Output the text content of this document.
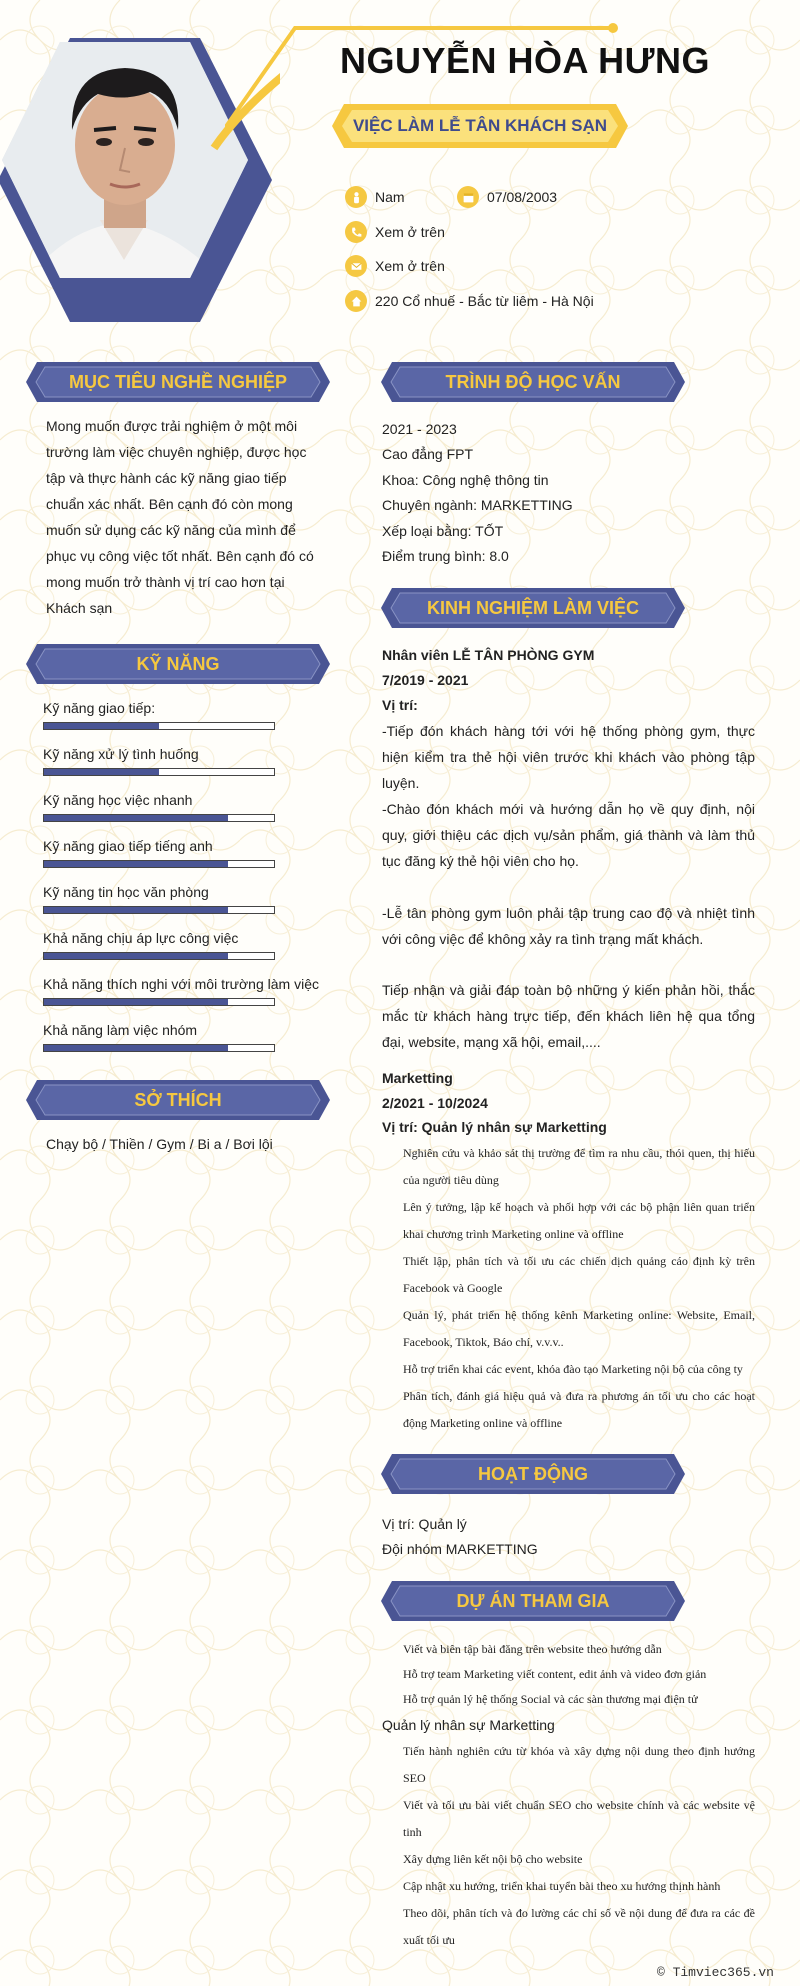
NGUYỄN HÒA HƯNG
VIỆC LÀM LỄ TÂN KHÁCH SẠN
Nam	07/08/2003
Xem ở trên
Xem ở trên
220 Cổ nhuế - Bắc từ liêm - Hà Nội
MỤC TIÊU NGHỀ NGHIỆP
KỸ NĂNG
SỞ THÍCH
TRÌNH ĐỘ HỌC VẤN
KINH NGHIỆM LÀM VIỆC
HOẠT ĐỘNG
DỰ ÁN THAM GIA
Mong muốn được trải nghiệm ở một môi
trường làm việc chuyên nghiệp, được học
tập và thực hành các kỹ năng giao tiếp
chuẩn xác nhất. Bên cạnh đó còn mong
muốn sử dụng các kỹ năng của mình để
phục vụ công việc tốt nhất. Bên cạnh đó có
mong muốn trở thành vị trí cao hơn tại
Khách sạn
Kỹ năng giao tiếp:
Kỹ năng xử lý tình huống
Kỹ năng học việc nhanh
Kỹ năng giao tiếp tiếng anh
Kỹ năng tin học văn phòng
Khả năng chịu áp lực công việc
Khả năng thích nghi với môi trường làm việc
Khả năng làm việc nhóm
Chạy bộ / Thiền / Gym / Bi a / Bơi lội
2021 - 2023
Cao đẳng FPT
Khoa: Công nghệ thông tin
Chuyên ngành: MARKETTING
Xếp loại bằng: TỐT
Điểm trung bình: 8.0
Nhân viên LỄ TÂN PHÒNG GYM
7/2019 - 2021
Vị trí:
-Tiếp đón khách hàng tới với hệ thống phòng gym, thực hiện kiểm tra thẻ hội viên trước khi khách vào phòng tập luyện.
-Chào đón khách mới và hướng dẫn họ về quy định, nội quy, giới thiệu các dịch vụ/sản phẩm, giá thành và làm thủ tục đăng ký thẻ hội viên cho họ.
-Lễ tân phòng gym luôn phải tập trung cao độ và nhiệt tình với công việc để không xảy ra tình trạng mất khách.
Tiếp nhận và giải đáp toàn bộ những ý kiến phản hồi, thắc mắc từ khách hàng trực tiếp, đến khách liên hệ qua tổng đại, website, mạng xã hội, email,....
Marketting
2/2021 - 10/2024
Vị trí: Quản lý nhân sự Marketting
Nghiên cứu và khảo sát thị trường để tìm ra nhu cầu, thói quen, thị hiếu của người tiêu dùng
Lên ý tưởng, lập kế hoạch và phối hợp với các bộ phận liên quan triển khai chương trình Marketing online và offline
Thiết lập, phân tích và tối ưu các chiến dịch quảng cáo định kỳ trên Facebook và Google
Quản lý, phát triển hệ thống kênh Marketing online: Website, Email, Facebook, Tiktok, Báo chí, v.v.v..
Hỗ trợ triển khai các event, khóa đào tạo Marketing nội bộ của công ty
Phân tích, đánh giá hiệu quả và đưa ra phương án tối ưu cho các hoạt động Marketing online và offline
Vị trí: Quản lý
Đội nhóm MARKETTING
Viết và biên tập bài đăng trên website theo hướng dẫn
Hỗ trợ team Marketing viết content, edit ảnh và video đơn giản
Hỗ trợ quản lý hệ thống Social và các sàn thương mại điện tử
Quản lý nhân sự Marketting
Tiến hành nghiên cứu từ khóa và xây dựng nội dung theo định hướng SEO
Viết và tối ưu bài viết chuẩn SEO cho website chính và các website vệ tinh
Xây dựng liên kết nội bộ cho website
Cập nhật xu hướng, triển khai tuyển bài theo xu hướng thịnh hành
Theo dõi, phân tích và đo lường các chỉ số về nội dung để đưa ra các đề xuất tối ưu
© Timviec365.vn
